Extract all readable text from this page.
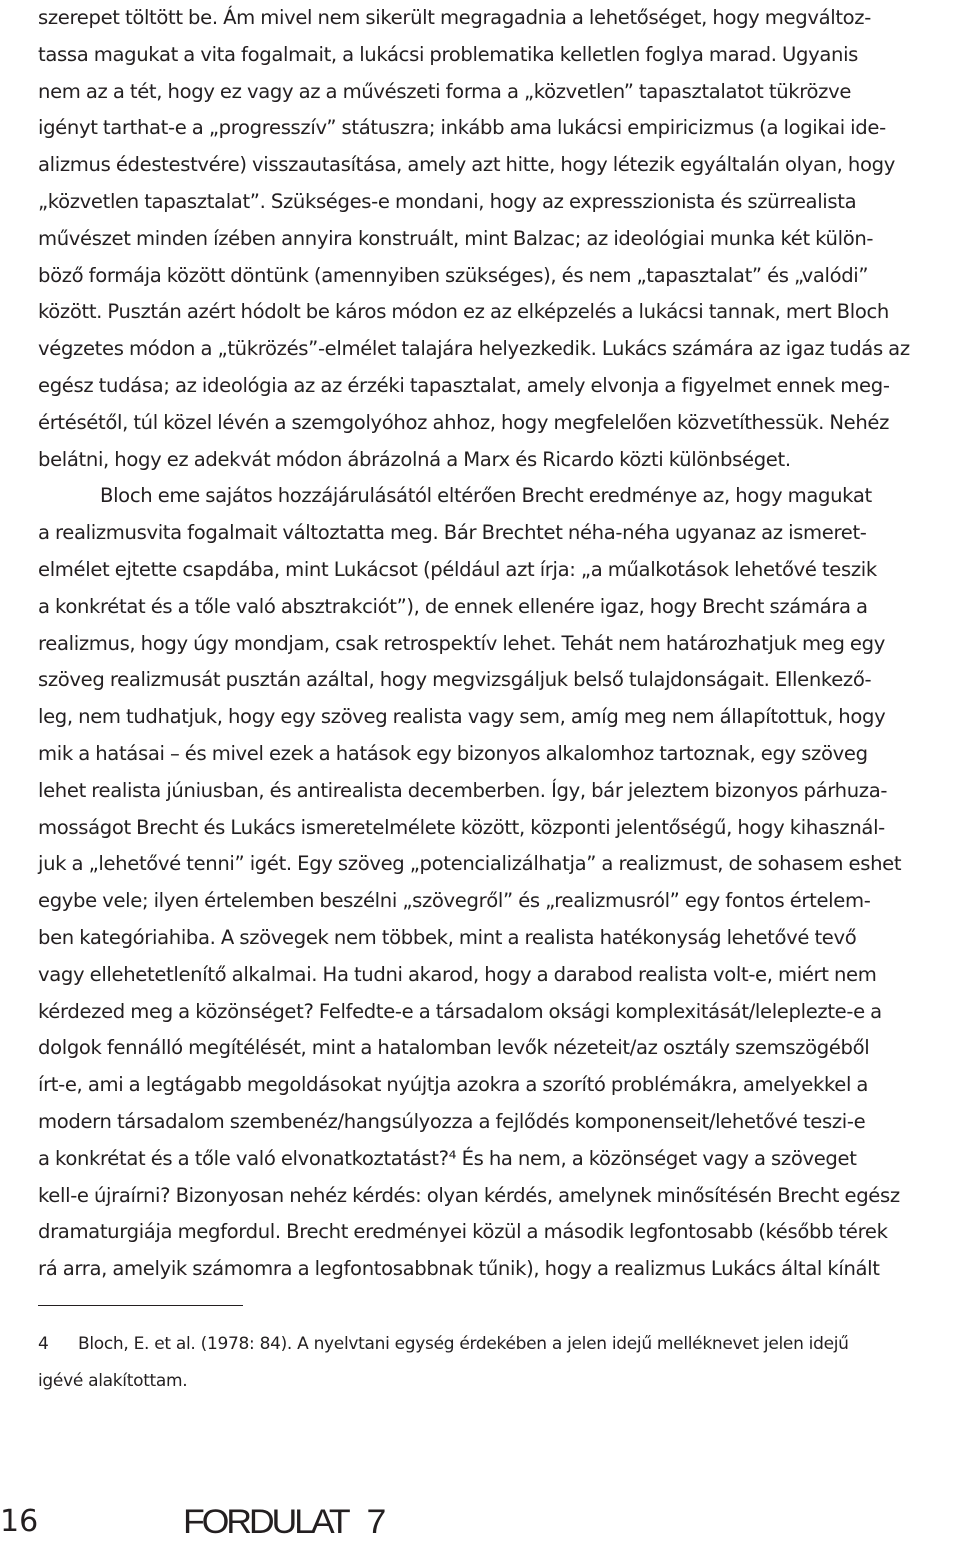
szerepet töltött be. Ám mivel nem sikerült megragadnia a lehetőséget, hogy megváltoz-
tassa magukat a vita fogalmait, a lukácsi problematika kelletlen foglya marad. Ugyanis
nem az a tét, hogy ez vagy az a művészeti forma a „közvetlen” tapasztalatot tükrözve
igényt tarthat-e a „progresszív” státuszra; inkább ama lukácsi empiricizmus (a logikai ide-
alizmus édestestvére) visszautasítása, amely azt hitte, hogy létezik egyáltalán olyan, hogy
„közvetlen tapasztalat”. Szükséges-e mondani, hogy az expresszionista és szürrealista
művészet minden ízében annyira konstruált, mint Balzac; az ideológiai munka két külön-
böző formája között döntünk (amennyiben szükséges), és nem „tapasztalat” és „valódi”
között. Pusztán azért hódolt be káros módon ez az elképzelés a lukácsi tannak, mert Bloch
végzetes módon a „tükrözés”-elmélet talajára helyezkedik. Lukács számára az igaz tudás az
egész tudása; az ideológia az az érzéki tapasztalat, amely elvonja a figyelmet ennek meg-
értésétől, túl közel lévén a szemgolyóhoz ahhoz, hogy megfelelően közvetíthessük. Nehéz
belátni, hogy ez adekvát módon ábrázolná a Marx és Ricardo közti különbséget.
Bloch eme sajátos hozzájárulásától eltérően Brecht eredménye az, hogy magukat
a realizmusvita fogalmait változtatta meg. Bár Brechtet néha-néha ugyanaz az ismeret-
elmélet ejtette csapdába, mint Lukácsot (például azt írja: „a műalkotások lehetővé teszik
a konkrétat és a tőle való absztrakciót”), de ennek ellenére igaz, hogy Brecht számára a
realizmus, hogy úgy mondjam, csak retrospektív lehet. Tehát nem határozhatjuk meg egy
szöveg realizmusát pusztán azáltal, hogy megvizsgáljuk belső tulajdonságait. Ellenkező-
leg, nem tudhatjuk, hogy egy szöveg realista vagy sem, amíg meg nem állapítottuk, hogy
mik a hatásai – és mivel ezek a hatások egy bizonyos alkalomhoz tartoznak, egy szöveg
lehet realista júniusban, és antirealista decemberben. Így, bár jeleztem bizonyos párhuza-
mosságot Brecht és Lukács ismeretelmélete között, központi jelentőségű, hogy kihasznál-
juk a „lehetővé tenni” igét. Egy szöveg „potencializálhatja” a realizmust, de sohasem eshet
egybe vele; ilyen értelemben beszélni „szövegről” és „realizmusról” egy fontos értelem-
ben kategóriahiba. A szövegek nem többek, mint a realista hatékonyság lehetővé tevő
vagy ellehetetlenítő alkalmai. Ha tudni akarod, hogy a darabod realista volt-e, miért nem
kérdezed meg a közönséget? Felfedte-e a társadalom oksági komplexitását/leleplezte-e a
dolgok fennálló megítélését, mint a hatalomban levők nézeteit/az osztály szemszögéből
írt-e, ami a legtágabb megoldásokat nyújtja azokra a szorító problémákra, amelyekkel a
modern társadalom szembenéz/hangsúlyozza a fejlődés komponenseit/lehetővé teszi-e
a konkrétat és a tőle való elvonatkoztatást?⁴ És ha nem, a közönséget vagy a szöveget
kell-e újraírni? Bizonyosan nehéz kérdés: olyan kérdés, amelynek minősítésén Brecht egész
dramaturgiája megfordul. Brecht eredményei közül a második legfontosabb (később térek
rá arra, amelyik számomra a legfontosabbnak tűnik), hogy a realizmus Lukács által kínált
4 Bloch, E. et al. (1978: 84). A nyelvtani egység érdekében a jelen idejű melléknevet jelen idejű
igévé alakítottam.
16	FORDULAT 7
